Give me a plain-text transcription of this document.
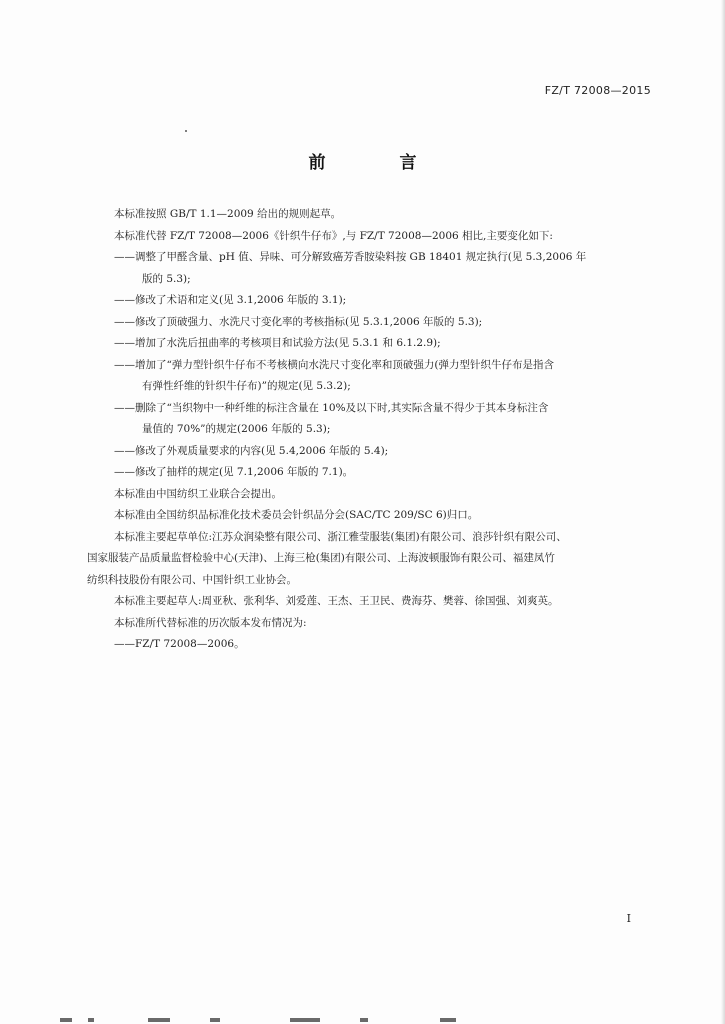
FZ/T 72008—2015
前 言

本标准按照 GB/T 1.1—2009 给出的规则起草。

本标准代替 FZ/T 72008—2006《针织牛仔布》,与 FZ/T 72008—2006 相比,主要变化如下:

——调整了甲醛含量、pH 值、异味、可分解致癌芳香胺染料按 GB 18401 规定执行(见 5.3,2006 年

版的 5.3);

——修改了术语和定义(见 3.1,2006 年版的 3.1);

——修改了顶破强力、水洗尺寸变化率的考核指标(见 5.3.1,2006 年版的 5.3);

——增加了水洗后扭曲率的考核项目和试验方法(见 5.3.1 和 6.1.2.9);

——增加了“弹力型针织牛仔布不考核横向水洗尺寸变化率和顶破强力(弹力型针织牛仔布是指含

有弹性纤维的针织牛仔布)”的规定(见 5.3.2);

——删除了“当织物中一种纤维的标注含量在 10%及以下时,其实际含量不得少于其本身标注含

量值的 70%”的规定(2006 年版的 5.3);

——修改了外观质量要求的内容(见 5.4,2006 年版的 5.4);

——修改了抽样的规定(见 7.1,2006 年版的 7.1)。

本标准由中国纺织工业联合会提出。

本标准由全国纺织品标准化技术委员会针织品分会(SAC/TC 209/SC 6)归口。

本标准主要起草单位:江苏众润染整有限公司、浙江雅莹服装(集团)有限公司、浪莎针织有限公司、

国家服装产品质量监督检验中心(天津)、上海三枪(集团)有限公司、上海波顿服饰有限公司、福建凤竹

纺织科技股份有限公司、中国针织工业协会。

本标准主要起草人:周亚秋、张利华、刘爱莲、王杰、王卫民、费海芬、樊蓉、徐国强、刘爽英。

本标准所代替标准的历次版本发布情况为:

——FZ/T 72008—2006。

I
